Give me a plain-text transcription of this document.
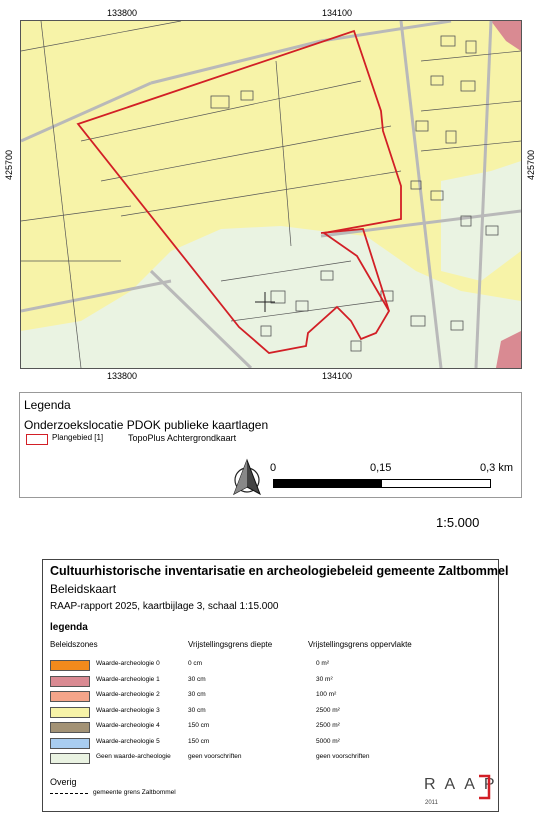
133800	134100
133800	134100
425700	425700
Legenda
Onderzoekslocatie PDOK publieke kaartlagen
Plangebied [1]	TopoPlus Achtergrondkaart
0	0,15	0,3 km
1:5.000
Cultuurhistorische inventarisatie en archeologiebeleid gemeente Zaltbommel
Beleidskaart
RAAP-rapport 2025, kaartbijlage 3, schaal 1:15.000
legenda
Beleidszones	Vrijstellingsgrens diepte	Vrijstellingsgrens oppervlakte
Waarde-archeologie 0	0 cm	0 m²
Waarde-archeologie 1	30 cm	30 m²
Waarde-archeologie 2	30 cm	100 m²
Waarde-archeologie 3	30 cm	2500 m²
Waarde-archeologie 4	150 cm	2500 m²
Waarde-archeologie 5	150 cm	5000 m²
Geen waarde-archeologie	geen voorschriften	geen voorschriften
Overig
gemeente grens Zaltbommel	RAAP
2011
